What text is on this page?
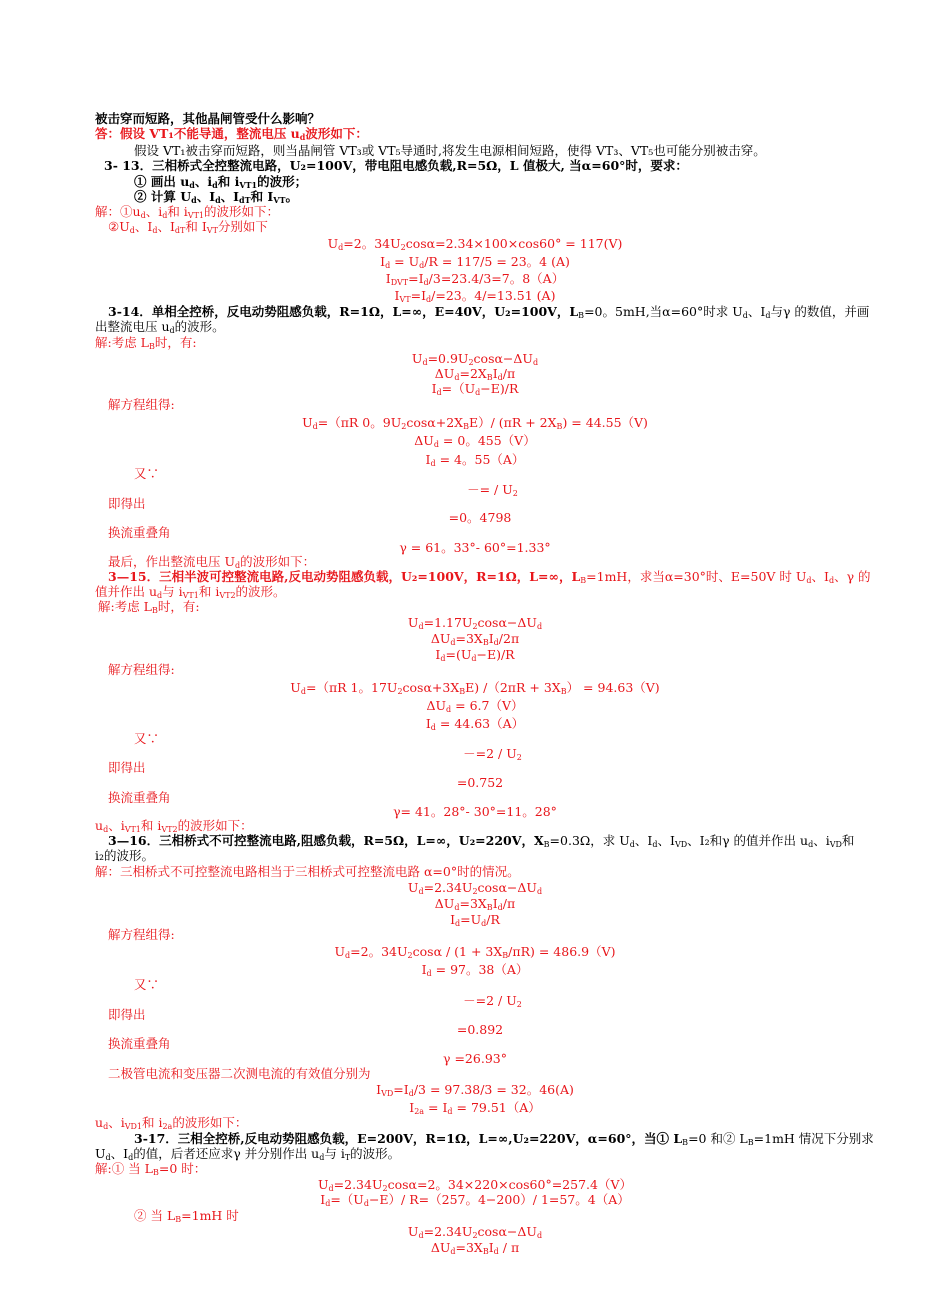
被击穿而短路，其他晶闸管受什么影响？
答：假设 VT₁不能导通，整流电压 $u_d$波形如下：
假设 VT₁被击穿而短路，则当晶闸管 VT₃或 VT₅导通时,将发生电源相间短路，使得 VT₃、VT₅也可能分别被击穿。
3- 13．三相桥式全控整流电路，U₂=100V，带电阻电感负载,R=5Ω，L 值极大, 当α=60°时，要求：
① 画出 $u_d$、$i_d$和 $i_{VT1}$的波形；
② 计算 $U_d$、$I_d$、$I_{dT}$和 $I_{VT}$。
解：$①u_d$、$i_d$和 $i_{VT1}$的波形如下：
$②U_d$、$I_d$、$I_{dT}$和 $I_{VT}$分别如下
$U_d=2$。$34U_2\cos\alpha=2.34\times 100\times\cos 60^\circ = 117(V)$
$I_d = U_d/R = 117/5 = 23$。4 (A)
$I_{DVT}=I_d/3=23.4/3=7$。8（A）
$I_{VT}=I_d/=23$。4/=13.51 (A)
3-14．单相全控桥，反电动势阻感负载，R=1Ω，L=∞，E=40V，U₂=100V，$L_B=0$。5mH,当α=60°时求 $U_d$、$I_d$与γ 的数值，并画
出整流电压 $u_d$的波形。
解:考虑 $L_B$时，有:
$U_d=0.9U_2\cos\alpha-\Delta U_d$
$\Delta U_d=2X_BI_d/\pi$
$I_d=(U_d-E)/R$
解方程组得:
$U_d=(\pi R$ 0。$9U_2\cos\alpha+2X_BE)/$ $(\pi R + 2X_B) = 44.55(V)$
$\Delta U_d = 0$。455（V）
$I_d = 4$。55（A）
又∵
－= / $U_2$
即得出
=0。4798
换流重叠角
γ = 61。33°- 60°=1.33°
最后，作出整流电压 $U_d$的波形如下：
3—15．三相半波可控整流电路,反电动势阻感负载，U₂=100V，R=1Ω，L=∞，$L_B=1mH$，求当α=30°时、E=50V 时 $U_d$、$I_d$、γ 的
值并作出 $u_d$与 $i_{VT1}$和 $i_{VT2}$的波形。
解:考虑 $L_B$时，有:
$U_d=1.17U_2\cos\alpha-\Delta U_d$
$\Delta U_d=3X_BI_d/2\pi$
$I_d=(U_d-E)/R$
解方程组得:
$U_d=(\pi R$ 1。$17U_2\cos\alpha+3X_BE$) $/(2\pi R + 3X_B) = 94.63(V)$
$\Delta U_d = 6.7(V)$
$I_d = 44.63(A)$
又∵
$-=2 / U_2$
即得出
=0.752
换流重叠角
γ= 41。28°- 30°=11。28°
$u_d$、$i_{VT1}$和 $i_{VT2}$的波形如下：
3—16．三相桥式不可控整流电路,阻感负载，R=5Ω，L=∞，U₂=220V，$X_B=0.3\Omega$，求 $U_d$、$I_d$、$I_{VD}$、I₂和γ 的值并作出 $u_d$、$i_{VD}$和
i₂的波形。
解：三相桥式不可控整流电路相当于三相桥式可控整流电路 α=0°时的情况。
$U_d=2.34U_2\cos\alpha-\Delta U_d$
$\Delta U_d=3X_BI_d/\pi$
$I_d=U_d/R$
解方程组得:
$U_d=2$。$34U_2\cos\alpha / (1 + 3X_B/\pi R) = 486.9(V)$
$I_d = 97$。38（A）
又∵
$-=2 / U_2$
即得出
=0.892
换流重叠角
γ =26.93°
二极管电流和变压器二次测电流的有效值分别为
$I_{VD}=I_d/3 = 97.38/3 = 32$。46(A)
$I_{2a} = I_d = 79.51(A)$
$u_d$、$i_{VD1}$和 $i_{2a}$的波形如下：
3-17．三相全控桥,反电动势阻感负载，E=200V，R=1Ω，L=∞,U₂=220V，α=60°，当① $L_B=0$ 和② $L_B=1mH$ 情况下分别求
$U_d$、$I_d$的值，后者还应求γ 并分别作出 $u_d$与 $i_T$的波形。
解:① 当 $L_B=0$ 时：
$U_d=2.34U_2\cos\alpha=2$。34×220×cos60°=257.4（V）
$I_d=(U_d-E)/$ R=（257。4−200）/ 1=57。4（A）
② 当 $L_B=1mH$ 时
$U_d=2.34U_2\cos\alpha-\Delta U_d$
$\Delta U_d=3X_BI_d / \pi$
